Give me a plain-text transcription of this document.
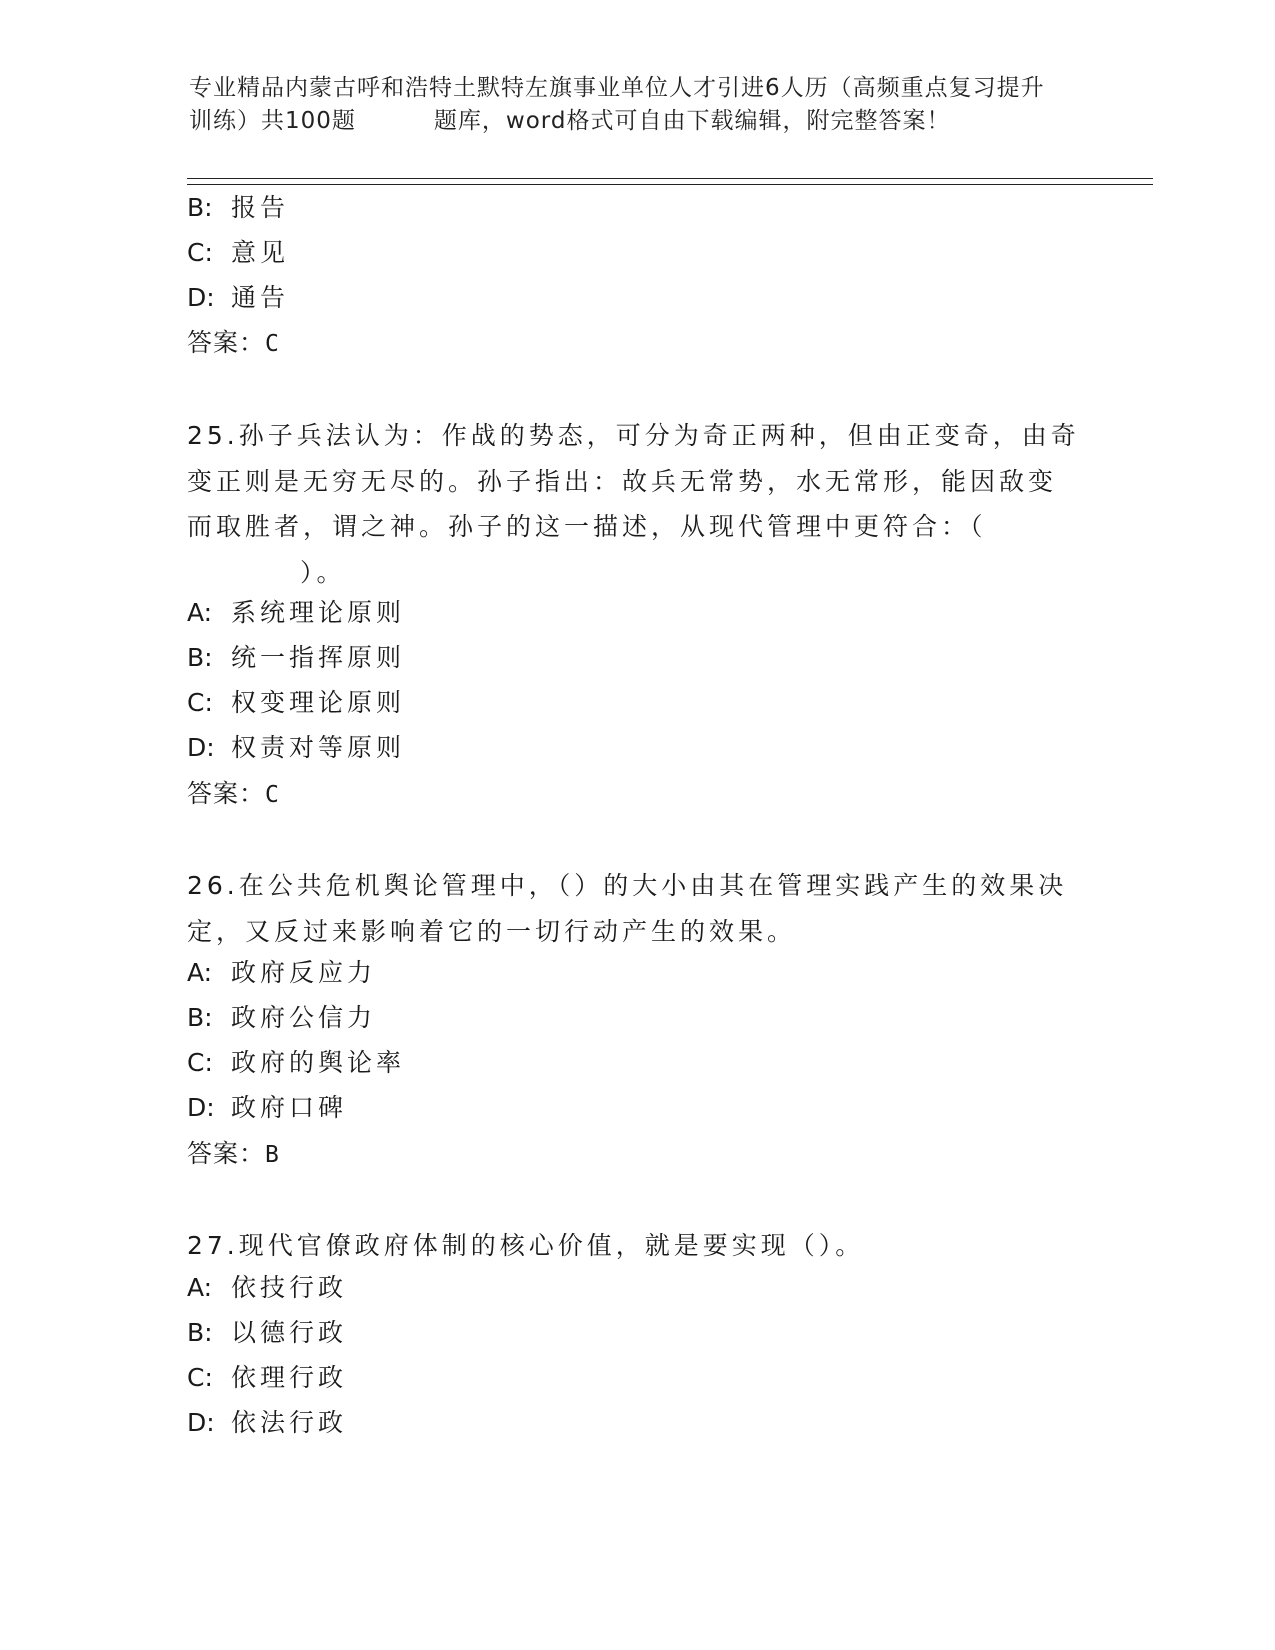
专业精品内蒙古呼和浩特土默特左旗事业单位人才引进6人历（高频重点复习提升
训练）共100题	题库，word格式可自由下载编辑，附完整答案！
B: 报告
C: 意见
D: 通告
答案：C
25.孙子兵法认为：作战的势态，可分为奇正两种，但由正变奇，由奇
变正则是无穷无尽的。孙子指出：故兵无常势，水无常形，能因敌变
而取胜者，谓之神。孙子的这一描述，从现代管理中更符合：（
）。
A: 系统理论原则
B: 统一指挥原则
C: 权变理论原则
D: 权责对等原则
答案：C
26.在公共危机舆论管理中，（）的大小由其在管理实践产生的效果决
定，又反过来影响着它的一切行动产生的效果。
A: 政府反应力
B: 政府公信力
C: 政府的舆论率
D: 政府口碑
答案：B
27.现代官僚政府体制的核心价值，就是要实现（）。
A: 依技行政
B: 以德行政
C: 依理行政
D: 依法行政
